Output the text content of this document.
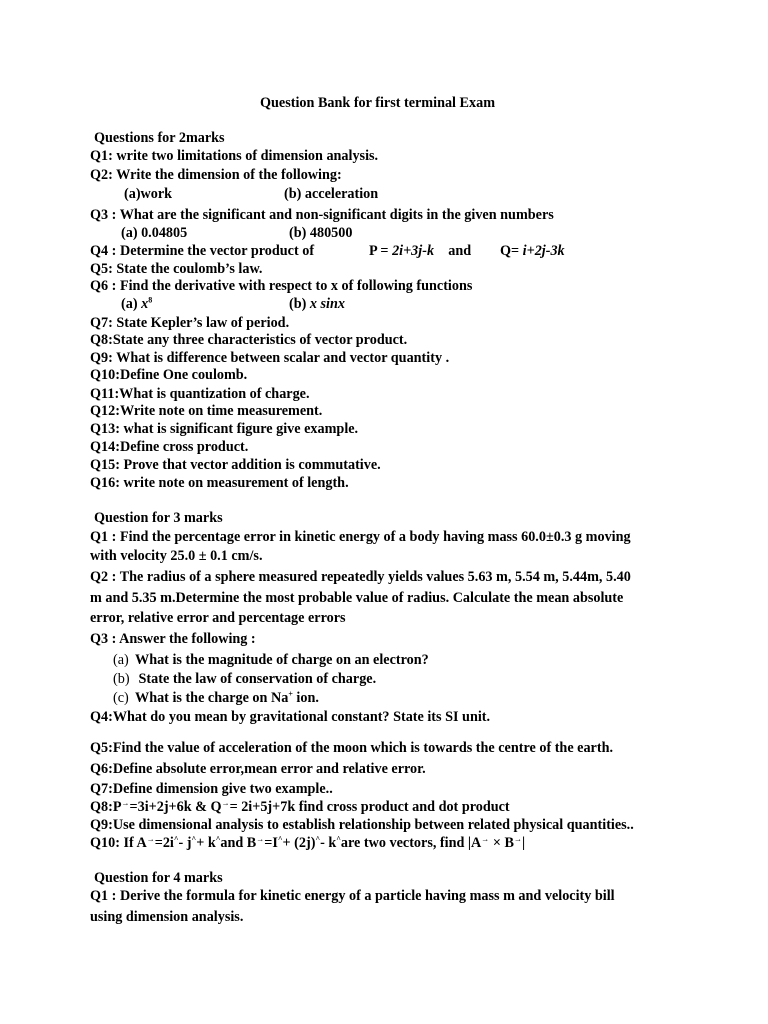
Question Bank for first terminal Exam
Questions for 2marks
Q1: write two limitations of dimension analysis.
Q2: Write the dimension of the following:
(a)work	(b) acceleration
Q3 : What are the significant and non-significant digits in the given numbers
(a) 0.04805	(b) 480500
Q4 : Determine the vector product of	P = 2i+3j-k and Q= i+2j-3k
Q5: State the coulomb’s law.
Q6 : Find the derivative with respect to x of following functions
(a) $x^8$	(b) x sinx
Q7: State Kepler’s law of period.
Q8:State any three characteristics of vector product.
Q9: What is difference between scalar and vector quantity .
Q10:Define One coulomb.
Q11:What is quantization of charge.
Q12:Write note on time measurement.
Q13: what is significant figure give example.
Q14:Define cross product.
Q15: Prove that vector addition is commutative.
Q16: write note on measurement of length.
Question for 3 marks
Q1 : Find the percentage error in kinetic energy of a body having mass 60.0±0.3 g moving
with velocity 25.0 ± 0.1 cm/s.
Q2 : The radius of a sphere measured repeatedly yields values 5.63 m, 5.54 m, 5.44m, 5.40
m and 5.35 m.Determine the most probable value of radius. Calculate the mean absolute
error, relative error and percentage errors
Q3 : Answer the following :
(a) What is the magnitude of charge on an electron?
(b) State the law of conservation of charge.
(c) What is the charge on Na+ ion.
Q4:What do you mean by gravitational constant? State its SI unit.
Q5:Find the value of acceleration of the moon which is towards the centre of the earth.
Q6:Define absolute error,mean error and relative error.
Q7:Define dimension give two example..
Q8:P→=3i+2j+6k & Q→= 2i+5j+7k find cross product and dot product
Q9:Use dimensional analysis to establish relationship between related physical quantities..
Q10: If A→=2i^- j^+ k^and B→=I^+ (2j)^- k^are two vectors, find |A→ × B→|
Question for 4 marks
Q1 : Derive the formula for kinetic energy of a particle having mass m and velocity bill
using dimension analysis.
